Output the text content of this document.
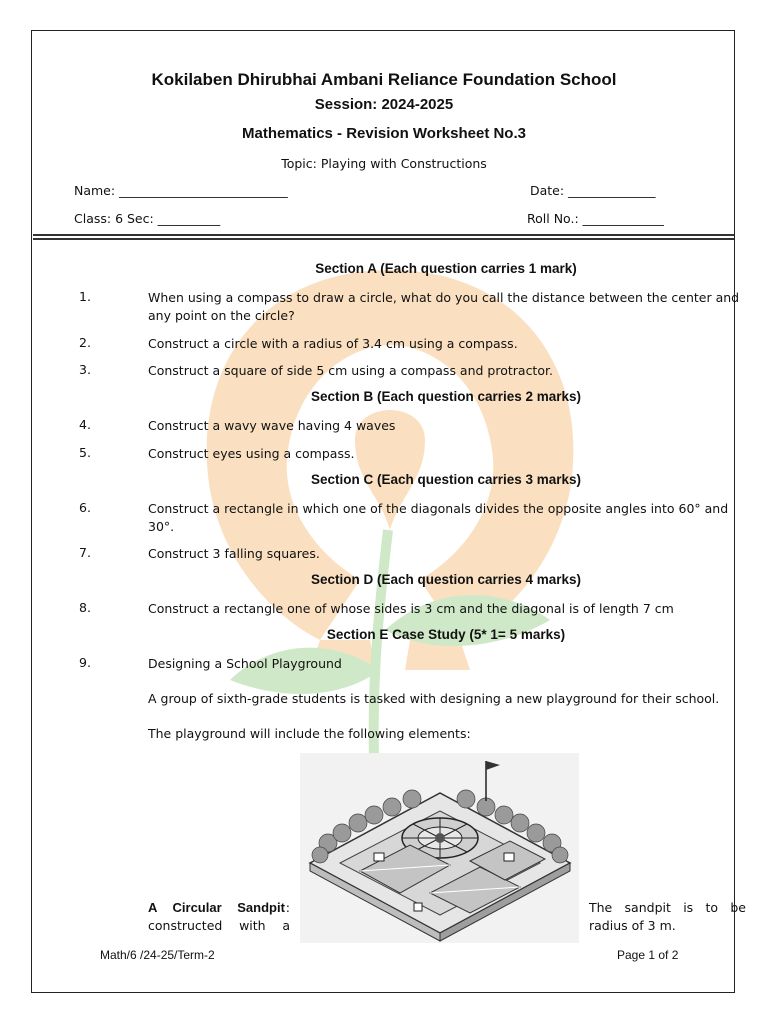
Kokilaben Dhirubhai Ambani Reliance Foundation School
Session: 2024-2025
Mathematics - Revision Worksheet No.3
Topic: Playing with Constructions
Name: ___________________________	Date: ______________
Class: 6 Sec: __________	Roll No.: _____________
Section A (Each question carries 1 mark)
1.	When using a compass to draw a circle, what do you call the distance between the center and any point on the circle?
2.	Construct a circle with a radius of 3.4 cm using a compass.
3.	Construct a square of side 5 cm using a compass and protractor.
Section B (Each question carries 2 marks)
4.	Construct a wavy wave having 4 waves
5.	Construct eyes using a compass.
Section C (Each question carries 3 marks)
6.	Construct a rectangle in which one of the diagonals divides the opposite angles into 60° and 30°.
7.	Construct 3 falling squares.
Section D (Each question carries 4 marks)
8.	Construct a rectangle one of whose sides is 3 cm and the diagonal is of length 7 cm
Section E Case Study (5* 1= 5 marks)
9.	Designing a School Playground
A group of sixth-grade students is tasked with designing a new playground for their school.
The playground will include the following elements:
A Circular Sandpit :
constructed with a
The sandpit is to be
radius of 3 m.
Math/6 /24-25/Term-2	Page 1 of 2
